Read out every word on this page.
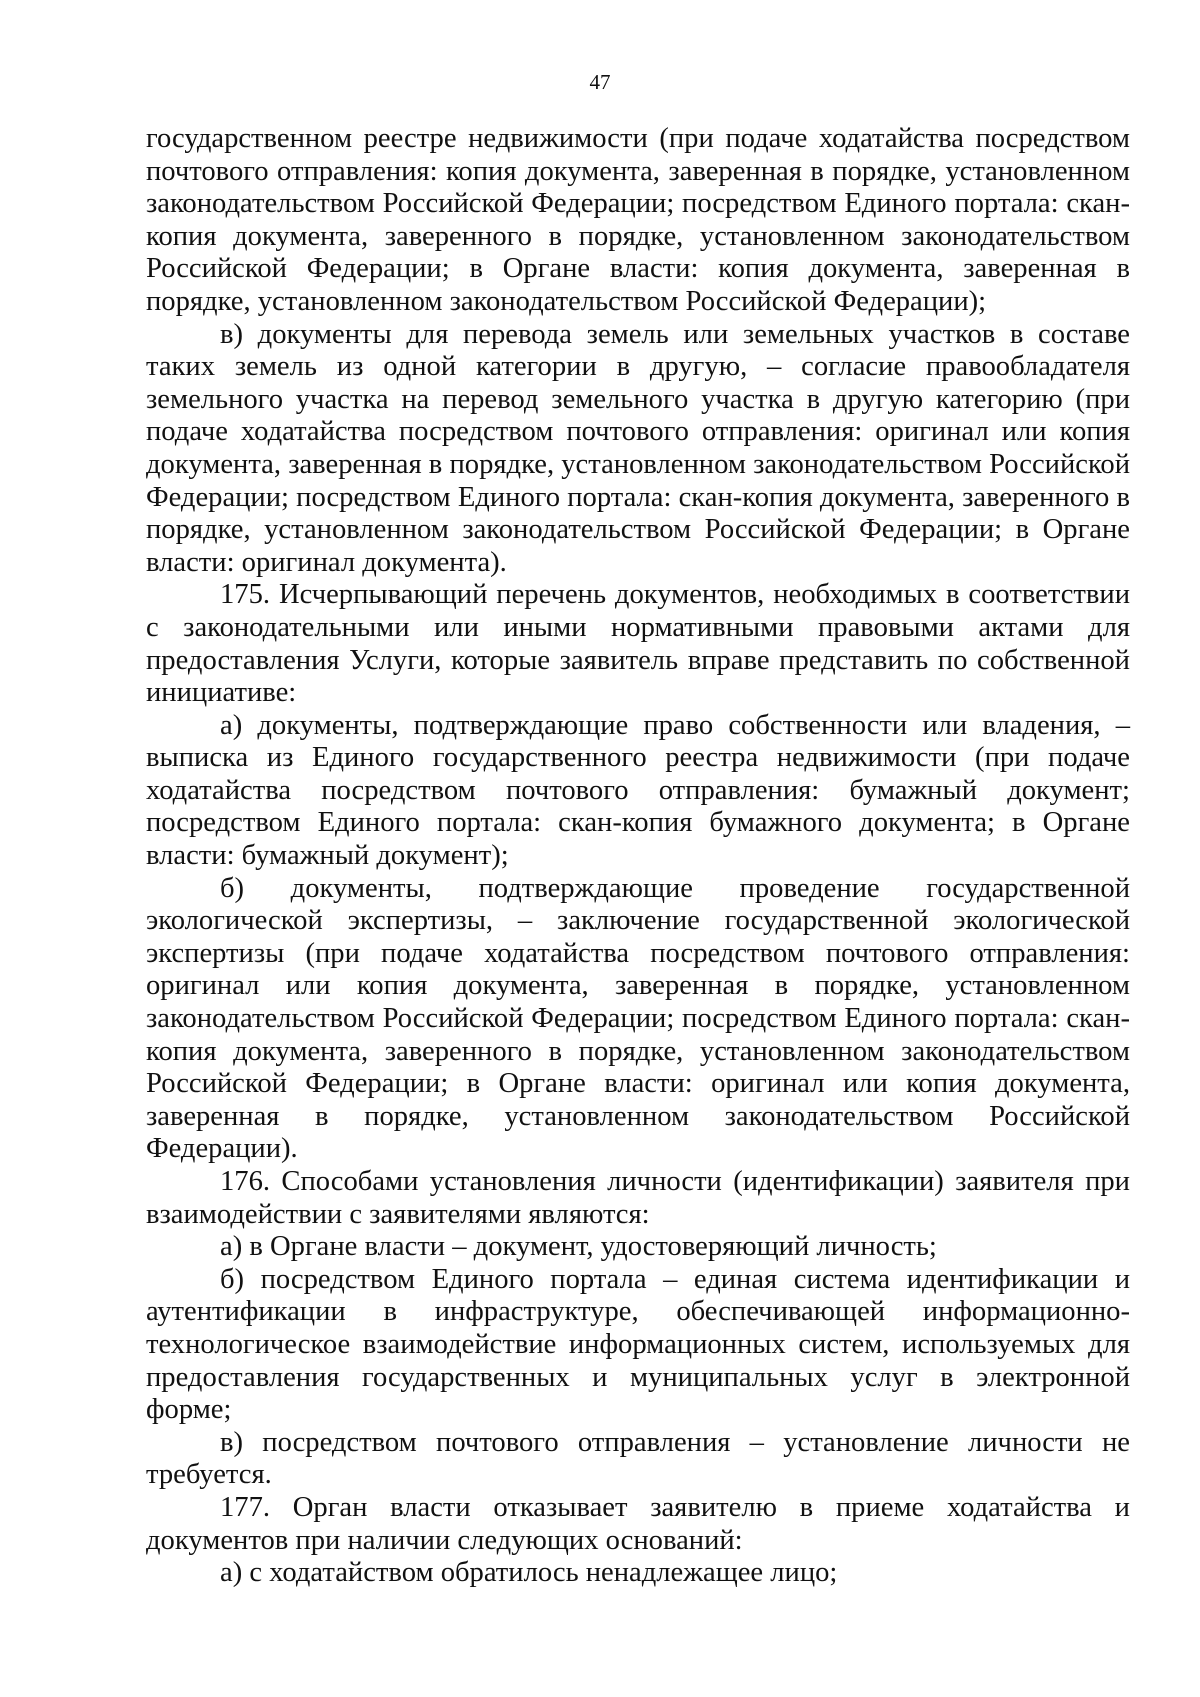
47

государственном реестре недвижимости (при подаче ходатайства посредством почтового отправления: копия документа, заверенная в порядке, установленном законодательством Российской Федерации; посредством Единого портала: скан-копия документа, заверенного в порядке, установленном законодательством Российской Федерации; в Органе власти: копия документа, заверенная в порядке, установленном законодательством Российской Федерации);

в) документы для перевода земель или земельных участков в составе таких земель из одной категории в другую, – согласие правообладателя земельного участка на перевод земельного участка в другую категорию (при подаче ходатайства посредством почтового отправления: оригинал или копия документа, заверенная в порядке, установленном законодательством Российской Федерации; посредством Единого портала: скан-копия документа, заверенного в порядке, установленном законодательством Российской Федерации; в Органе власти: оригинал документа).

175. Исчерпывающий перечень документов, необходимых в соответствии с законодательными или иными нормативными правовыми актами для предоставления Услуги, которые заявитель вправе представить по собственной инициативе:

а) документы, подтверждающие право собственности или владения, – выписка из Единого государственного реестра недвижимости (при подаче ходатайства посредством почтового отправления: бумажный документ; посредством Единого портала: скан-копия бумажного документа; в Органе власти: бумажный документ);

б) документы, подтверждающие проведение государственной экологической экспертизы, – заключение государственной экологической экспертизы (при подаче ходатайства посредством почтового отправления: оригинал или копия документа, заверенная в порядке, установленном законодательством Российской Федерации; посредством Единого портала: скан-копия документа, заверенного в порядке, установленном законодательством Российской Федерации; в Органе власти: оригинал или копия документа, заверенная в порядке, установленном законодательством Российской Федерации).

176. Способами установления личности (идентификации) заявителя при взаимодействии с заявителями являются:

а) в Органе власти – документ, удостоверяющий личность;

б) посредством Единого портала – единая система идентификации и аутентификации в инфраструктуре, обеспечивающей информационно-технологическое взаимодействие информационных систем, используемых для предоставления государственных и муниципальных услуг в электронной форме;

в) посредством почтового отправления – установление личности не требуется.

177. Орган власти отказывает заявителю в приеме ходатайства и документов при наличии следующих оснований:

а) с ходатайством обратилось ненадлежащее лицо;
